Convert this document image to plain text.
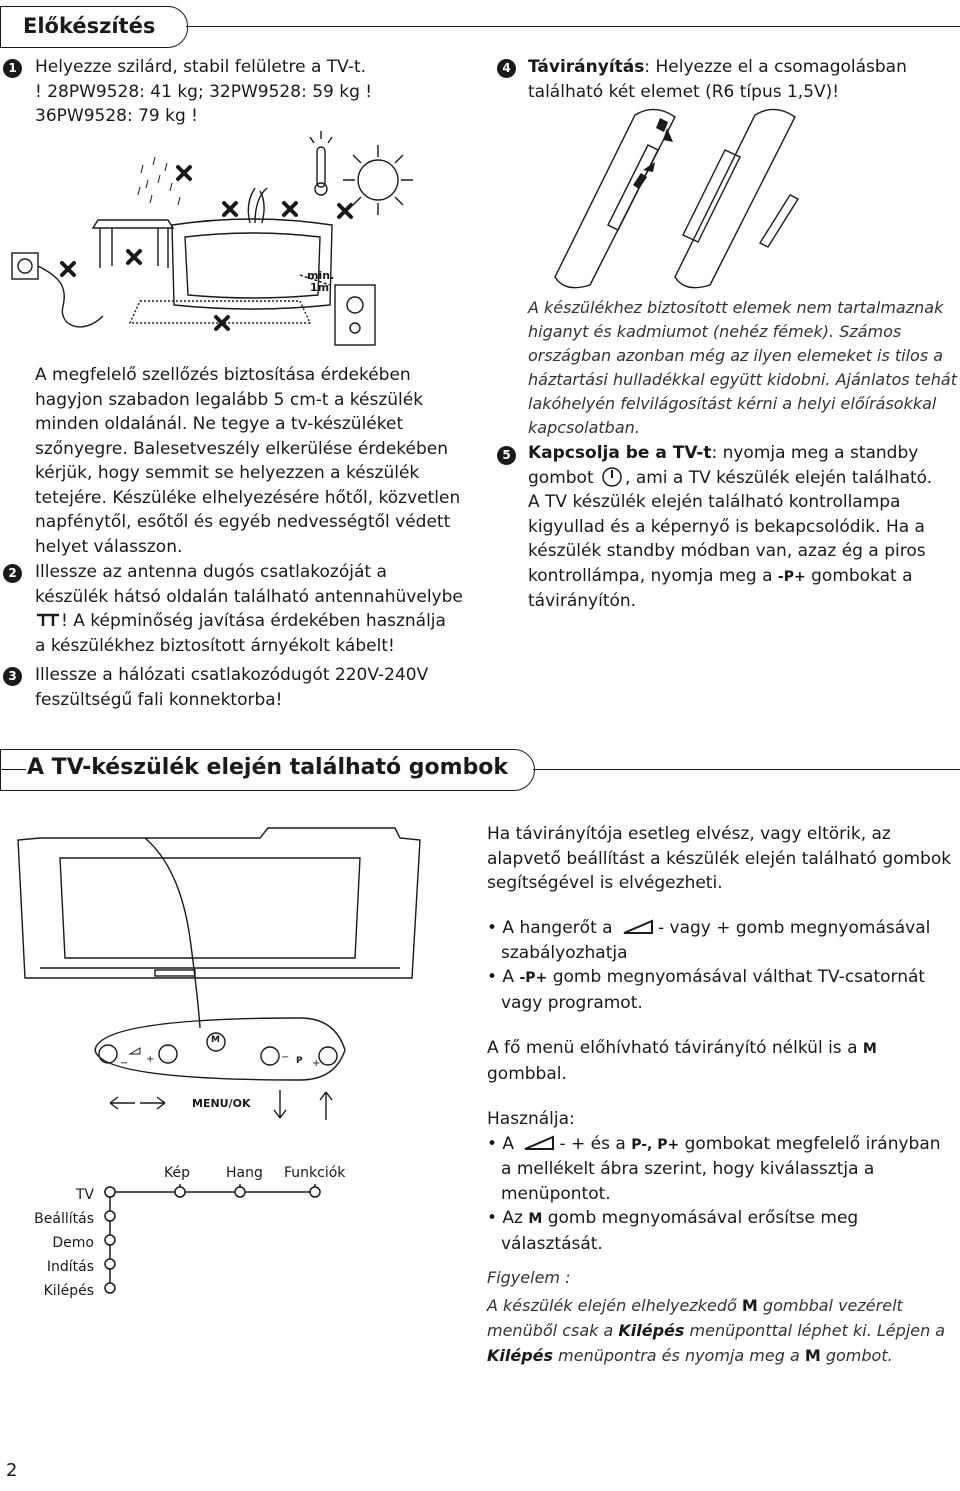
Előkészítés
1	Helyezze szilárd, stabil felületre a TV-t.
! 28PW9528: 41 kg; 32PW9528: 59 kg !
36PW9528: 79 kg !
min.
1m
A megfelelő szellőzés biztosítása érdekében
hagyjon szabadon legalább 5 cm-t a készülék
minden oldalánál. Ne tegye a tv-készüléket
szőnyegre. Balesetveszély elkerülése érdekében
kérjük, hogy semmit se helyezzen a készülék
tetejére. Készüléke elhelyezésére hőtől, közvetlen
napfénytől, esőtől és egyéb nedvességtől védett
helyet válasszon.
2	Illessze az antenna dugós csatlakozóját a
készülék hátsó oldalán található antennahüvelybe
! A képminőség javítása érdekében használja
a készülékhez biztosított árnyékolt kábelt!
3	Illessze a hálózati csatlakozódugót 220V-240V
feszültségű fali konnektorba!
4	Távirányítás: Helyezze el a csomagolásban
található két elemet (R6 típus 1,5V)!
A készülékhez biztosított elemek nem tartalmaznak
higanyt és kadmiumot (nehéz fémek). Számos
országban azonban még az ilyen elemeket is tilos a
háztartási hulladékkal együtt kidobni. Ajánlatos tehát
lakóhelyén felvilágosítást kérni a helyi előírásokkal
kapcsolatban.
5	Kapcsolja be a TV-t: nyomja meg a standby
gombot , ami a TV készülék elején található.
A TV készülék elején található kontrollampa
kigyullad és a képernyő is bekapcsolódik. Ha a
készülék standby módban van, azaz ég a piros
kontrollámpa, nyomja meg a -P+ gombokat a
távirányítón.
A TV-készülék elején található gombok
− +
M
− P +
MENU/OK
Kép	Hang Funkciók
TV
Beállítás
Demo
Indítás
Kilépés
Ha távirányítója esetleg elvész, vagy eltörik, az
alapvető beállítást a készülék elején található gombok
segítségével is elvégezheti.
• A hangerőt a	- vagy + gomb megnyomásával
szabályozhatja
• A -P+ gomb megnyomásával válthat TV-csatornát
vagy programot.
A fő menü előhívható távirányító nélkül is a M
gombbal.
Használja:
• A	- + és a P-, P+ gombokat megfelelő irányban
a mellékelt ábra szerint, hogy kiválassztja a
menüpontot.
• Az M gomb megnyomásával erősítse meg
választását.
Figyelem :
A készülék elején elhelyezkedő M gombbal vezérelt
menüből csak a Kilépés menüponttal léphet ki. Lépjen a
Kilépés menüpontra és nyomja meg a M gombot.
2
